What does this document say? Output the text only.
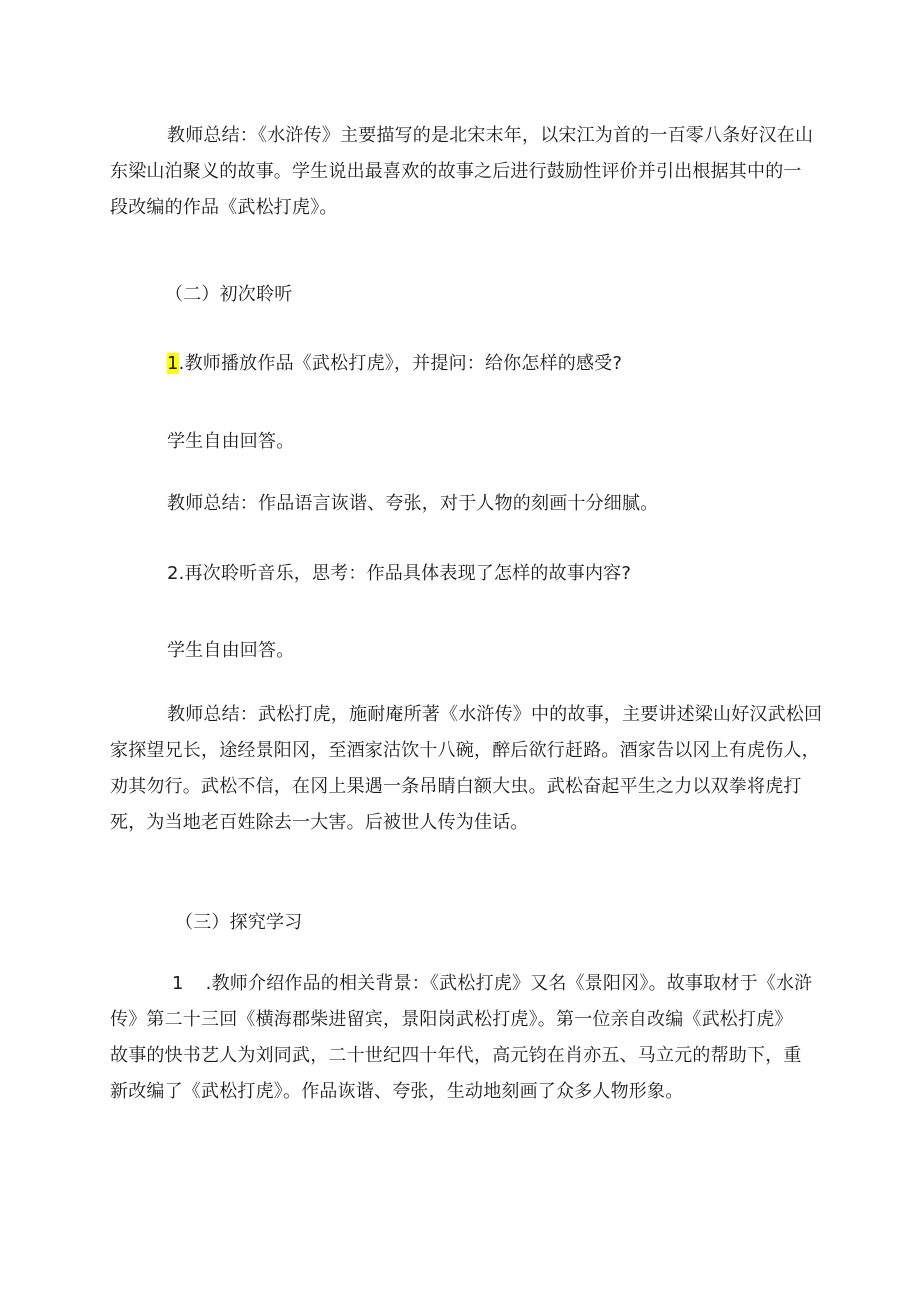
教师总结：《水浒传》主要描写的是北宋末年，以宋江为首的一百零八条好汉在山
东梁山泊聚义的故事。学生说出最喜欢的故事之后进行鼓励性评价并引出根据其中的一
段改编的作品《武松打虎》。
（二）初次聆听
1.教师播放作品《武松打虎》，并提问：给你怎样的感受?
学生自由回答。
教师总结：作品语言诙谐、夸张，对于人物的刻画十分细腻。
2.再次聆听音乐，思考：作品具体表现了怎样的故事内容?
学生自由回答。
教师总结：武松打虎，施耐庵所著《水浒传》中的故事，主要讲述梁山好汉武松回
家探望兄长，途经景阳冈，至酒家沽饮十八碗，醉后欲行赶路。酒家告以冈上有虎伤人，
劝其勿行。武松不信，在冈上果遇一条吊睛白额大虫。武松奋起平生之力以双拳将虎打
死，为当地老百姓除去一大害。后被世人传为佳话。
（三）探究学习
1 .教师介绍作品的相关背景：《武松打虎》又名《景阳冈》。故事取材于《水浒
传》第二十三回《横海郡柴进留宾，景阳岗武松打虎》。第一位亲自改编《武松打虎》
故事的快书艺人为刘同武，二十世纪四十年代，高元钧在肖亦五、马立元的帮助下，重
新改编了《武松打虎》。作品诙谐、夸张，生动地刻画了众多人物形象。
